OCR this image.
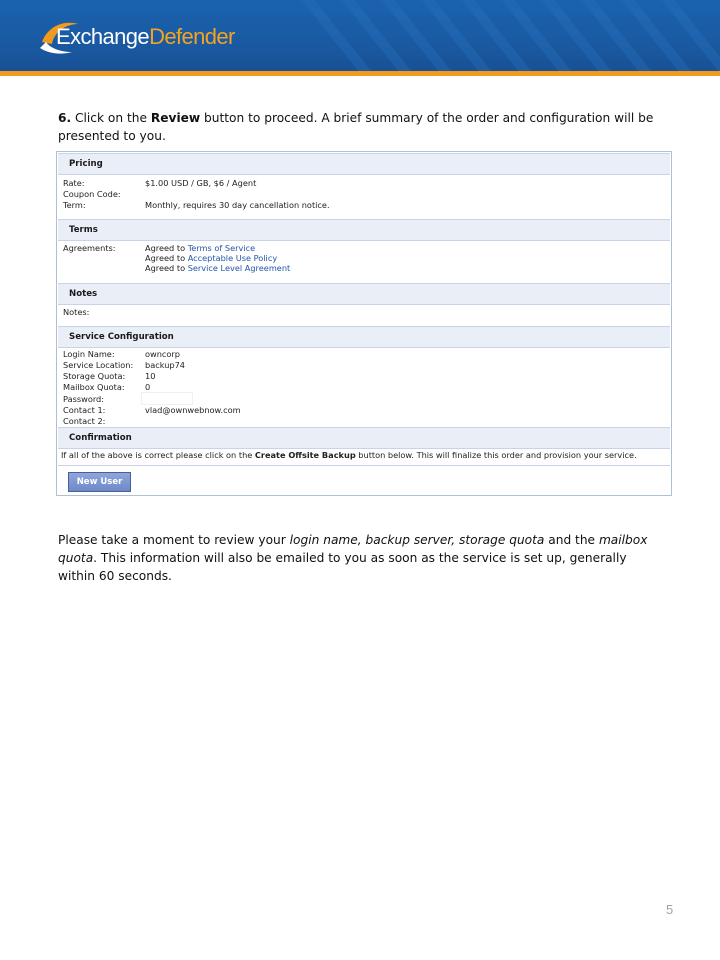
ExchangeDefender

6. Click on the Review button to proceed. A brief summary of the order and configuration will be presented to you.

Pricing
Rate:	$1.00 USD / GB, $6 / Agent
Coupon Code:
Term:	Monthly, requires 30 day cancellation notice.
Terms
Agreements:	Agreed to Terms of Service
Agreed to Acceptable Use Policy
Agreed to Service Level Agreement
Notes
Notes:
Service Configuration
Login Name:	owncorp
Service Location: backup74
Storage Quota: 10
Mailbox Quota: 0
Password:
Contact 1:	vlad@ownwebnow.com
Contact 2:
Confirmation
If all of the above is correct please click on the Create Offsite Backup button below. This will finalize this order and provision your service.
New User

Please take a moment to review your login name, backup server, storage quota and the mailbox quota. This information will also be emailed to you as soon as the service is set up, generally within 60 seconds.

5
